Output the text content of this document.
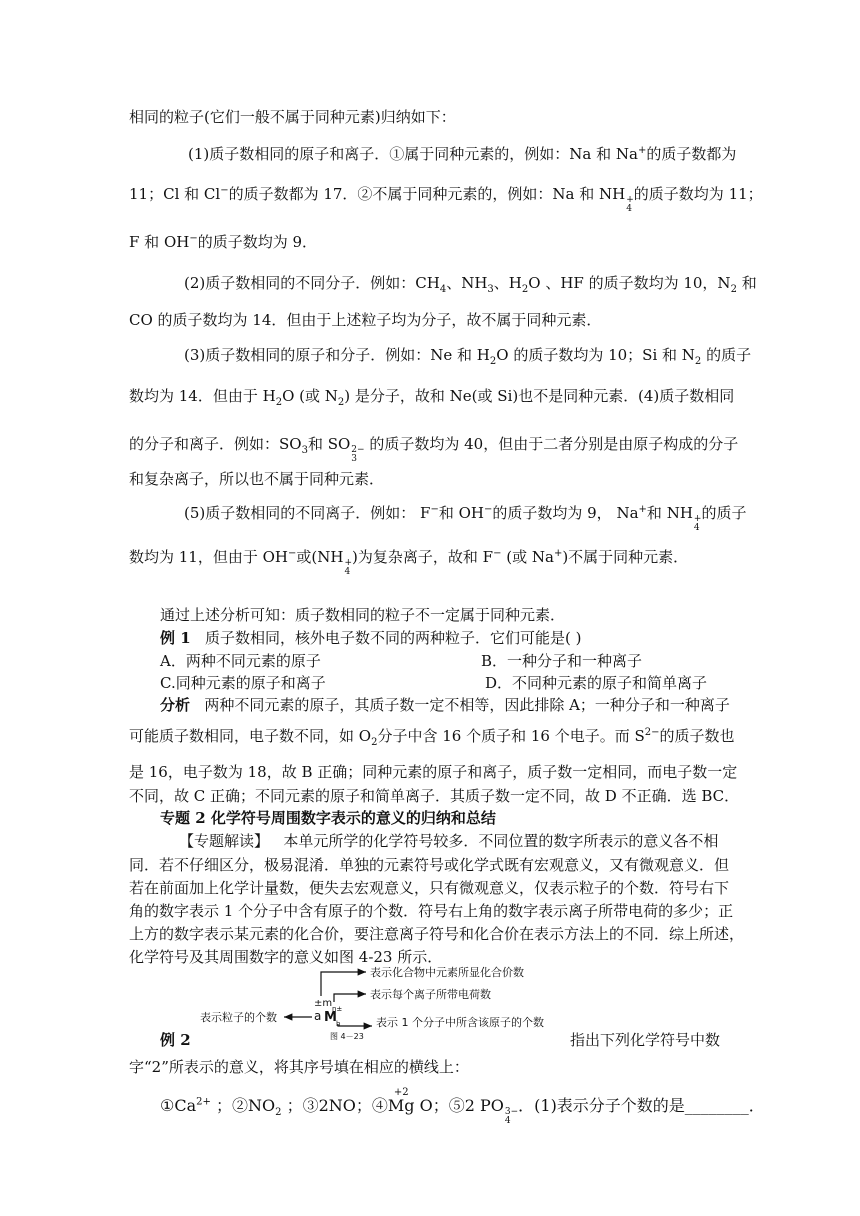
相同的粒子(它们一般不属于同种元素)归纳如下：
(1)质子数相同的原子和离子．①属于同种元素的，例如：Na 和 Na+的质子数都为
11；Cl 和 Cl−的质子数都为 17．②不属于同种元素的，例如：Na 和 NH +
4
的质子数均为 11；
F 和 OH−的质子数均为 9．
(2)质子数相同的不同分子．例如：$CH_4$、$NH_3$、$H_2O$ 、HF 的质子数均为 10，$N_2$ 和
CO 的质子数均为 14．但由于上述粒子均为分子，故不属于同种元素．
(3)质子数相同的原子和分子．例如：Ne 和 $H_2O$ 的质子数均为 10；Si 和 $N_2$ 的质子
数均为 14．但由于 $H_2O$ (或 $N_2$) 是分子，故和 Ne(或 Si)也不是同种元素． (4)质子数相同
的分子和离子．例如：$SO_3$和 SO 2−
3
的质子数均为 40，但由于二者分别是由原子构成的分子
和复杂离子，所以也不属于同种元素．
(5)质子数相同的不同离子．例如： F−和 OH−的质子数均为 9， Na+和 NH +
4
的质子
数均为 11，但由于 OH−或(NH +
4
)为复杂离子，故和 F− (或 Na+)不属于同种元素．
通过上述分析可知：质子数相同的粒子不一定属于同种元素．
例 1 质子数相同，核外电子数不同的两种粒子．它们可能是( )
A．两种不同元素的原子	B．一种分子和一种离子
C.同种元素的原子和离子	D．不同种元素的原子和简单离子
分析 两种不同元素的原子，其质子数一定不相等，因此排除 A；一种分子和一种离子
可能质子数相同，电子数不同，如 $O_2$分子中含 16 个质子和 16 个电子。而 $S^{2-}$的质子数也
是 16，电子数为 18，故 B 正确；同种元素的原子和离子，质子数一定相同，而电子数一定
不同，故 C 正确；不同元素的原子和简单离子．其质子数一定不同，故 D 不正确．选 BC．
专题 2 化学符号周围数字表示的意义的归纳和总结
【专题解读】 本单元所学的化学符号较多．不同位置的数字所表示的意义各不相
同．若不仔细区分，极易混淆．单独的元素符号或化学式既有宏观意义，又有微观意义．但
若在前面加上化学计量数，便失去宏观意义，只有微观意义，仅表示粒子的个数．符号右下
角的数字表示 1 个分子中含有原子的个数．符号右上角的数字表示离子所带电荷的多少；正
上方的数字表示某元素的化合价，要注意离子符号和化合价在表示方法上的不同．综上所述，
化学符号及其周围数字的意义如图 4-23 所示．
表示化合物中元素所显化合价数
表示每个离子所带电荷数
±m n±
a M b
表示粒子的个数	表示 1 个分子中所含该原子的个数
图 4－23
例 2	指出下列化学符号中数
字“2”所表示的意义，将其序号填在相应的横线上：
$①Ca^{2+}$ ；$②NO_2$ ；③2NO；④
+2
Mg O；⑤2 PO 3−
4
．(1)表示分子个数的是________．
